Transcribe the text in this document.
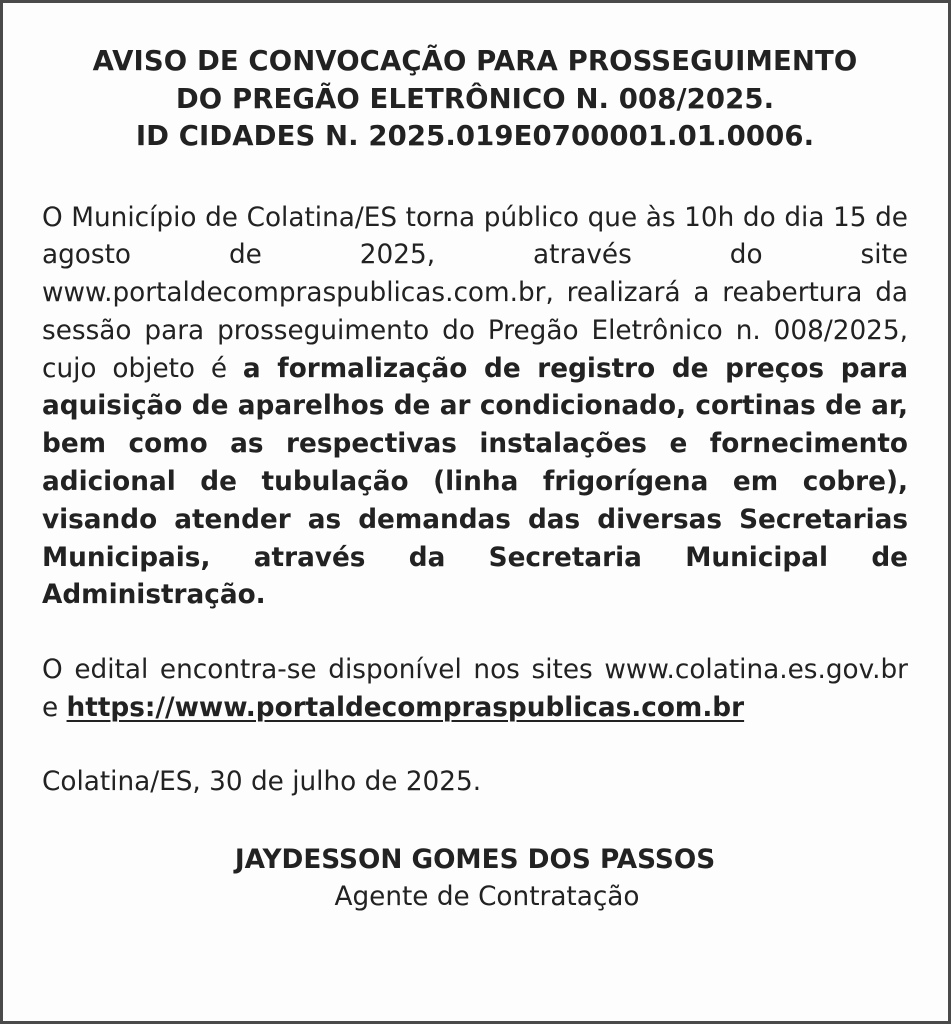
AVISO DE CONVOCAÇÃO PARA PROSSEGUIMENTO
DO PREGÃO ELETRÔNICO N. 008/2025.
ID CIDADES N. 2025.019E0700001.01.0006.

O Município de Colatina/ES torna público que às 10h do dia 15 de agosto de 2025, através do site www.portaldecompraspublicas.com.br, realizará a reabertura da sessão para prosseguimento do Pregão Eletrônico n. 008/2025, cujo objeto é a formalização de registro de preços para aquisição de aparelhos de ar condicionado, cortinas de ar, bem como as respectivas instalações e fornecimento adicional de tubulação (linha frigorígena em cobre), visando atender as demandas das diversas Secretarias Municipais, através da Secretaria Municipal de Administração.

O edital encontra-se disponível nos sites www.colatina.es.gov.br e https://www.portaldecompraspublicas.com.br

Colatina/ES, 30 de julho de 2025.
JAYDESSON GOMES DOS PASSOS
Agente de Contratação
